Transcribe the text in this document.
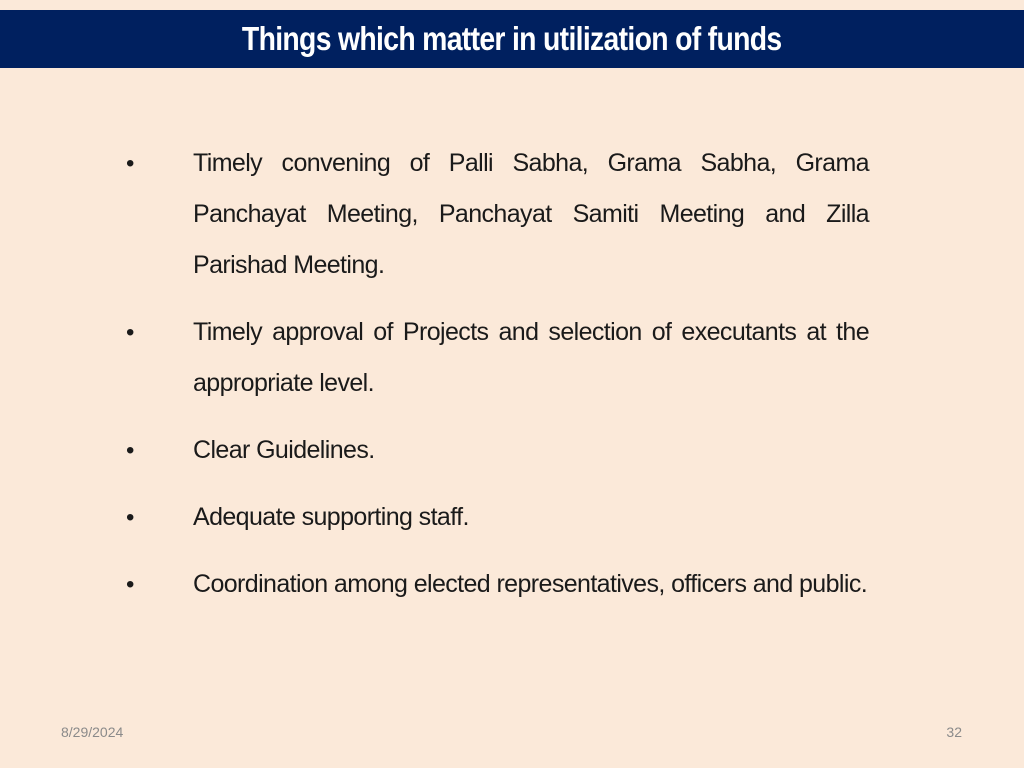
Things which matter in utilization of funds
•	Timely convening of Palli Sabha, Grama Sabha, Grama Panchayat Meeting, Panchayat Samiti Meeting and Zilla Parishad Meeting.
•	Timely approval of Projects and selection of executants at the appropriate level.
•	Clear Guidelines.
•	Adequate supporting staff.
•	Coordination among elected representatives, officers and public.
8/29/2024	32
